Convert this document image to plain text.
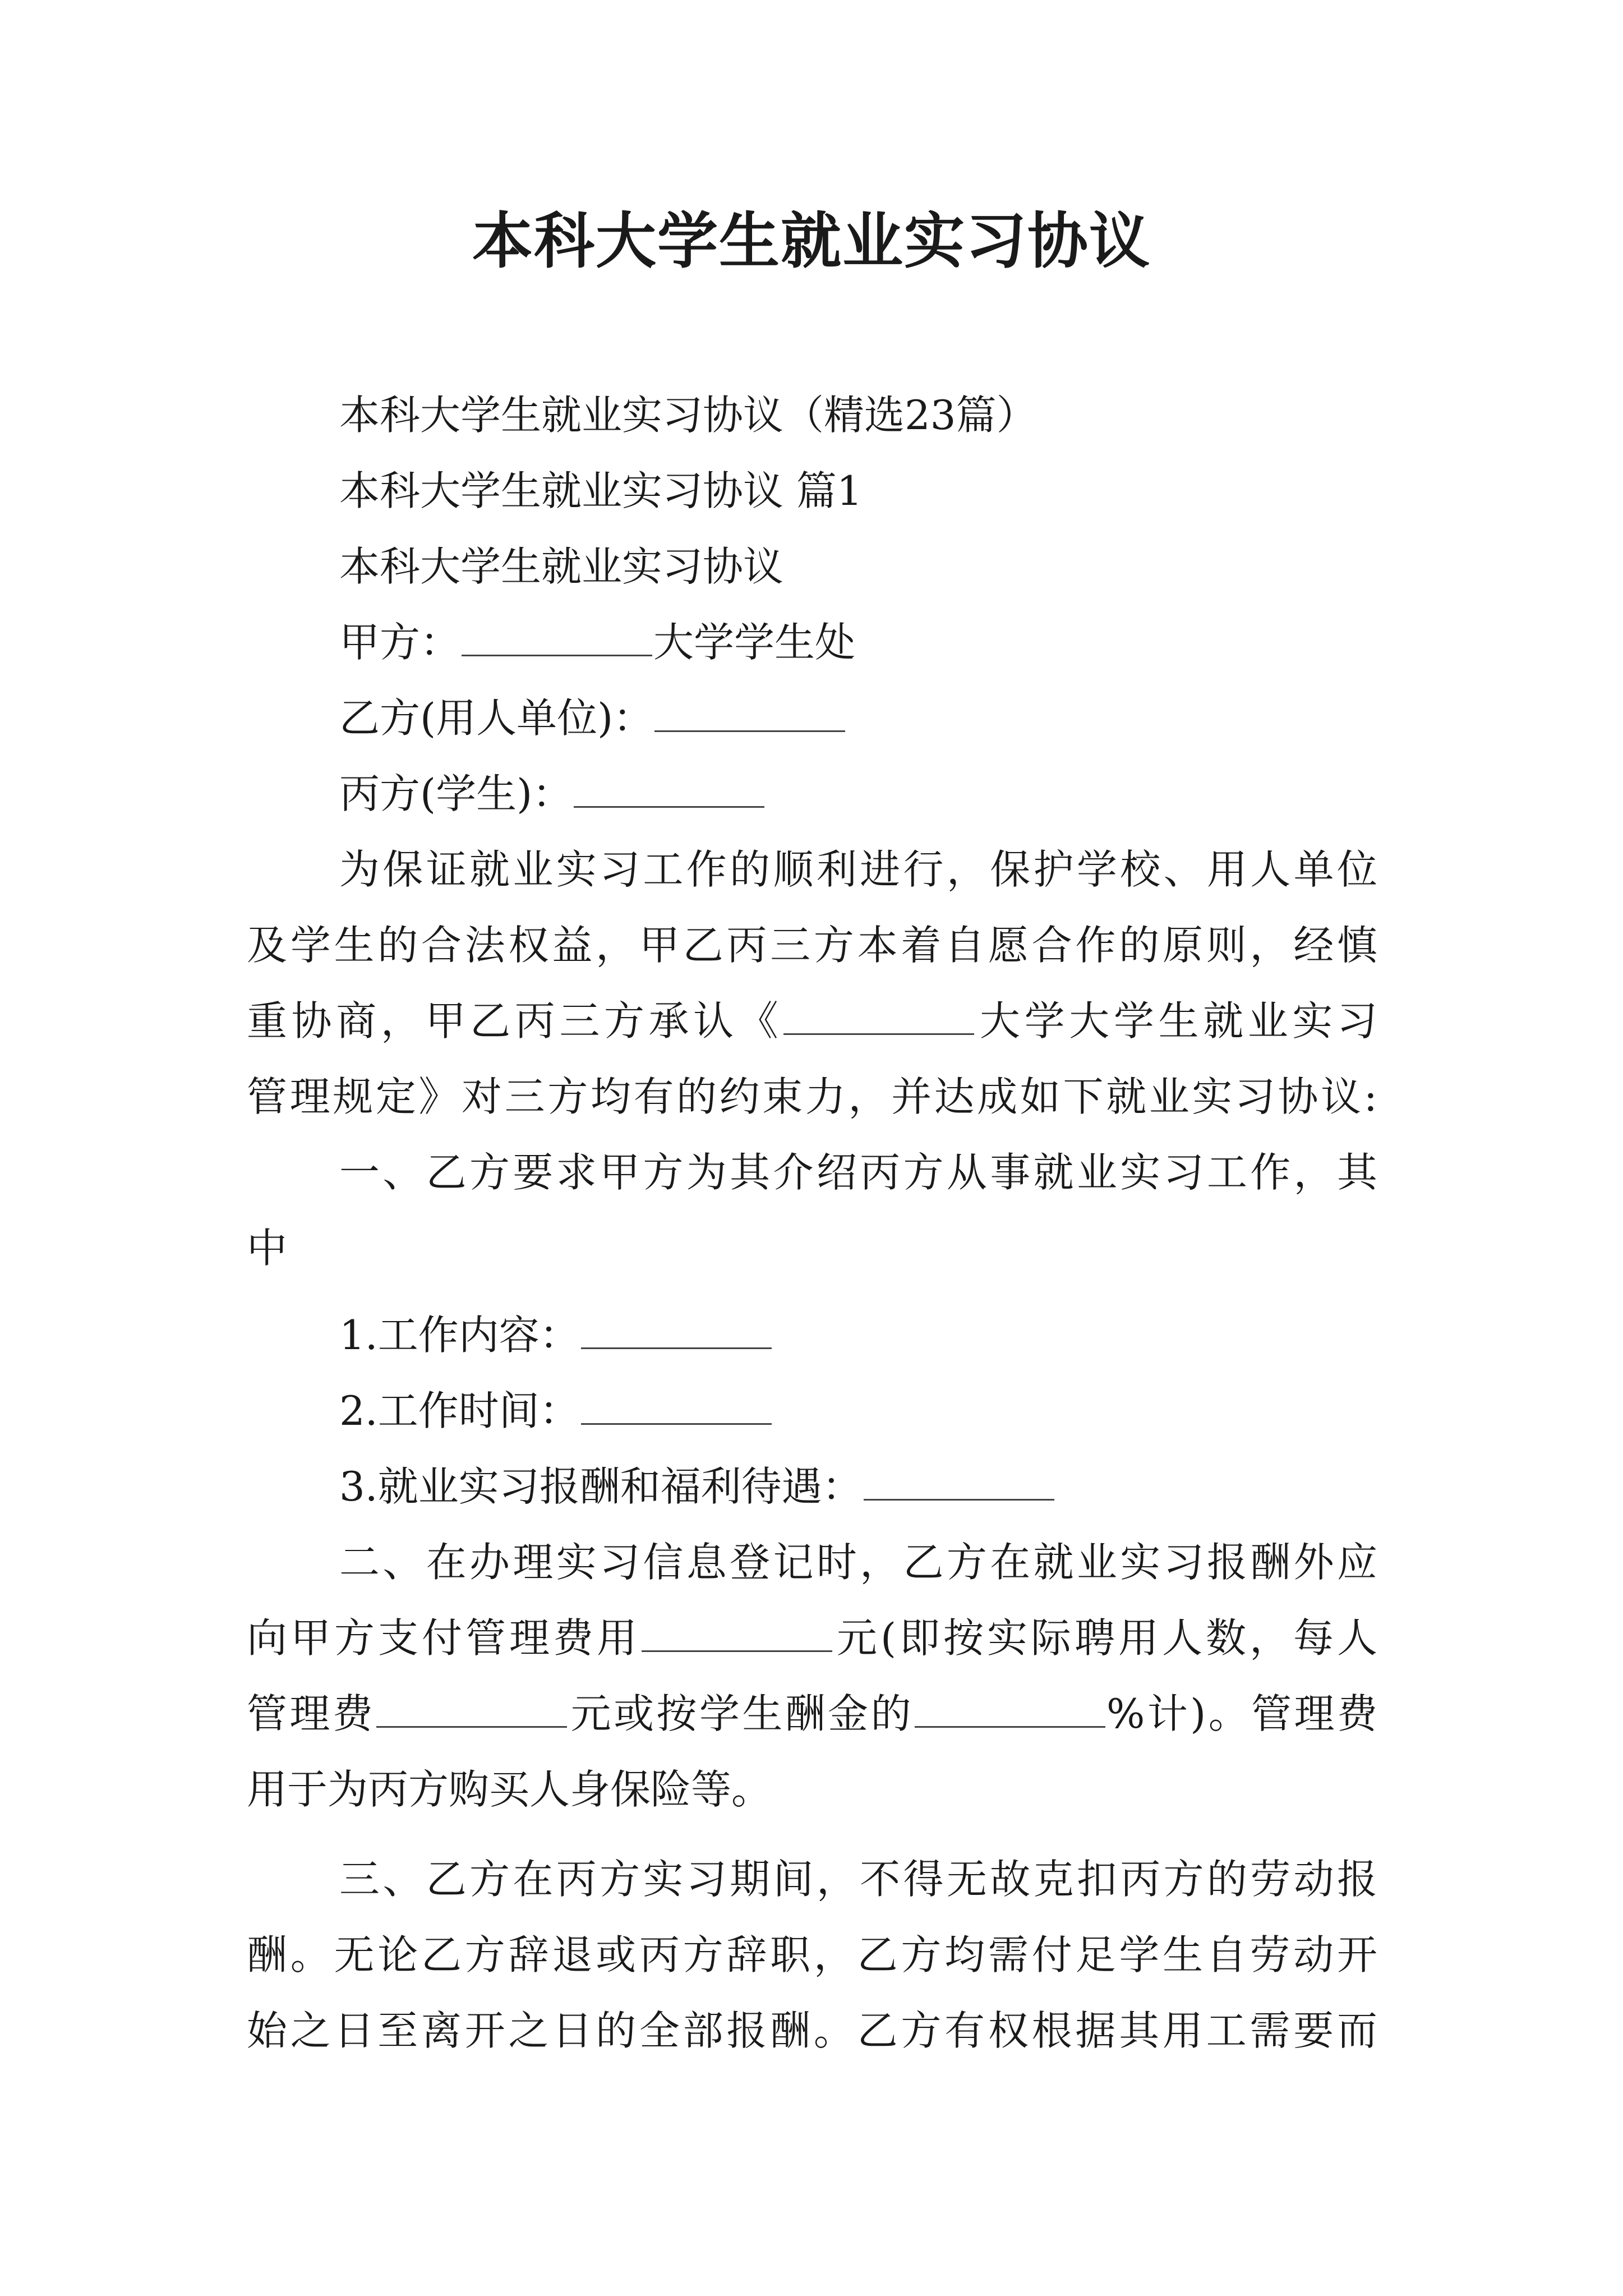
本科大学生就业实习协议
本科大学生就业实习协议（精选23篇）
本科大学生就业实习协议 篇1
本科大学生就业实习协议
甲方：	大学学生处
乙方(用人单位)：
丙方(学生)：
为保证就业实习工作的顺利进行，保护学校、用人单位
及学生的合法权益，甲乙丙三方本着自愿合作的原则，经慎
重协商，甲乙丙三方承认《	大学大学生就业实习
管理规定》对三方均有的约束力，并达成如下就业实习协议:
一、乙方要求甲方为其介绍丙方从事就业实习工作，其
中
1.工作内容：
2.工作时间：
3.就业实习报酬和福利待遇：
二、在办理实习信息登记时，乙方在就业实习报酬外应
向甲方支付管理费用	元(即按实际聘用人数，每人
管理费	元或按学生酬金的	%计)。管理费
用于为丙方购买人身保险等。
三、乙方在丙方实习期间，不得无故克扣丙方的劳动报
酬。无论乙方辞退或丙方辞职，乙方均需付足学生自劳动开
始之日至离开之日的全部报酬。乙方有权根据其用工需要而
